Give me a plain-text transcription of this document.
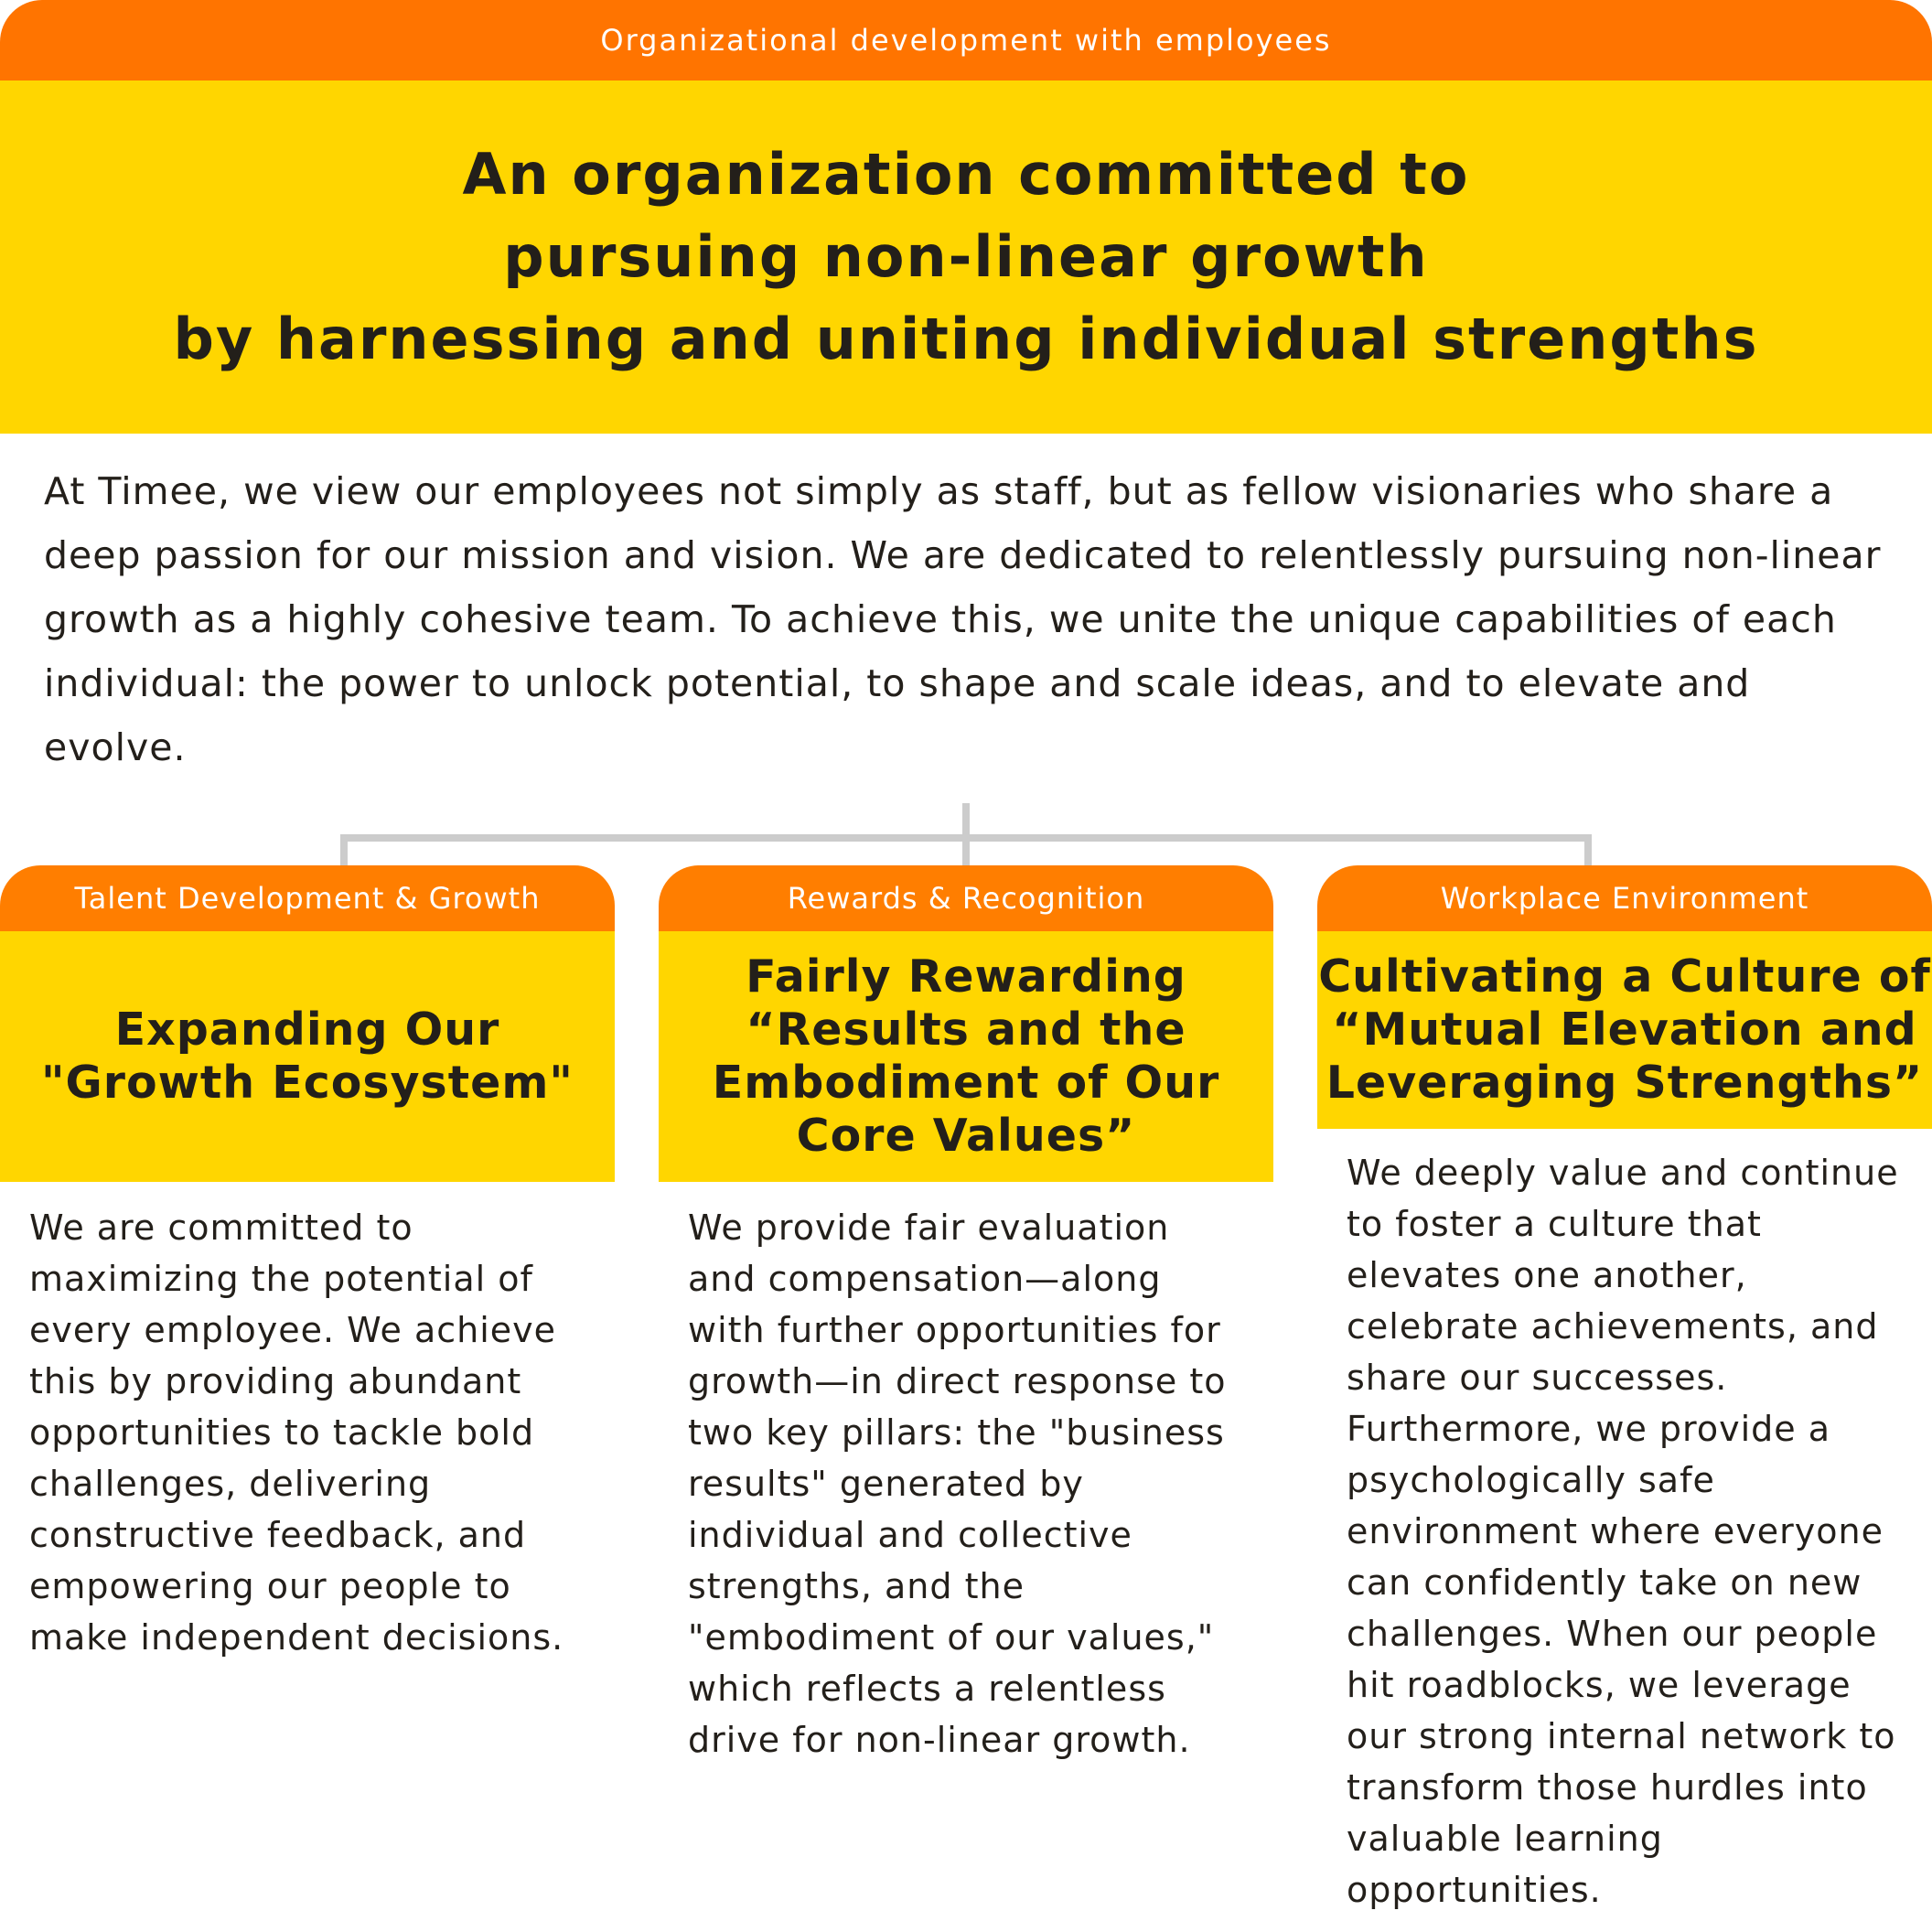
Organizational development with employees
An organization committed to
pursuing non-linear growth
by harnessing and uniting individual strengths

At Timee, we view our employees not simply as staff, but as fellow visionaries who share a deep passion for our mission and vision. We are dedicated to relentlessly pursuing non-linear growth as a highly cohesive team. To achieve this, we unite the unique capabilities of each individual: the power to unlock potential, to shape and scale ideas, and to elevate and evolve.

Talent Development & Growth
Expanding Our
"Growth Ecosystem"

We are committed to maximizing the potential of every employee. We achieve this by providing abundant opportunities to tackle bold challenges, delivering constructive feedback, and empowering our people to make independent decisions.

Rewards & Recognition
Fairly Rewarding
“Results and the
Embodiment of Our
Core Values”

We provide fair evaluation and compensation—along with further opportunities for growth—in direct response to two key pillars: the "business results" generated by individual and collective strengths, and the "embodiment of our values," which reflects a relentless drive for non-linear growth.

Workplace Environment
Cultivating a Culture of
“Mutual Elevation and
Leveraging Strengths”

We deeply value and continue to foster a culture that elevates one another, celebrate achievements, and share our successes. Furthermore, we provide a psychologically safe environment where everyone can confidently take on new challenges. When our people hit roadblocks, we leverage our strong internal network to transform those hurdles into valuable learning opportunities.
